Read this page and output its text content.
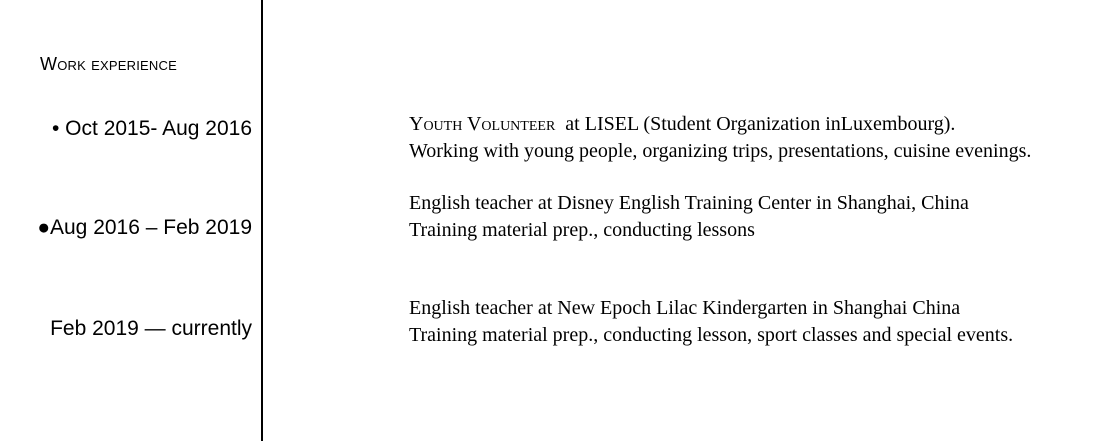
Work experience
• Oct 2015- Aug 2016
●Aug 2016 – Feb 2019
Feb 2019 — currently
Youth Volunteer  at LISEL (Student Organization inLuxembourg).
Working with young people, organizing trips, presentations, cuisine evenings.
English teacher at Disney English Training Center in Shanghai, China
Training material prep., conducting lessons
English teacher at New Epoch Lilac Kindergarten in Shanghai China
Training material prep., conducting lesson, sport classes and special events.
